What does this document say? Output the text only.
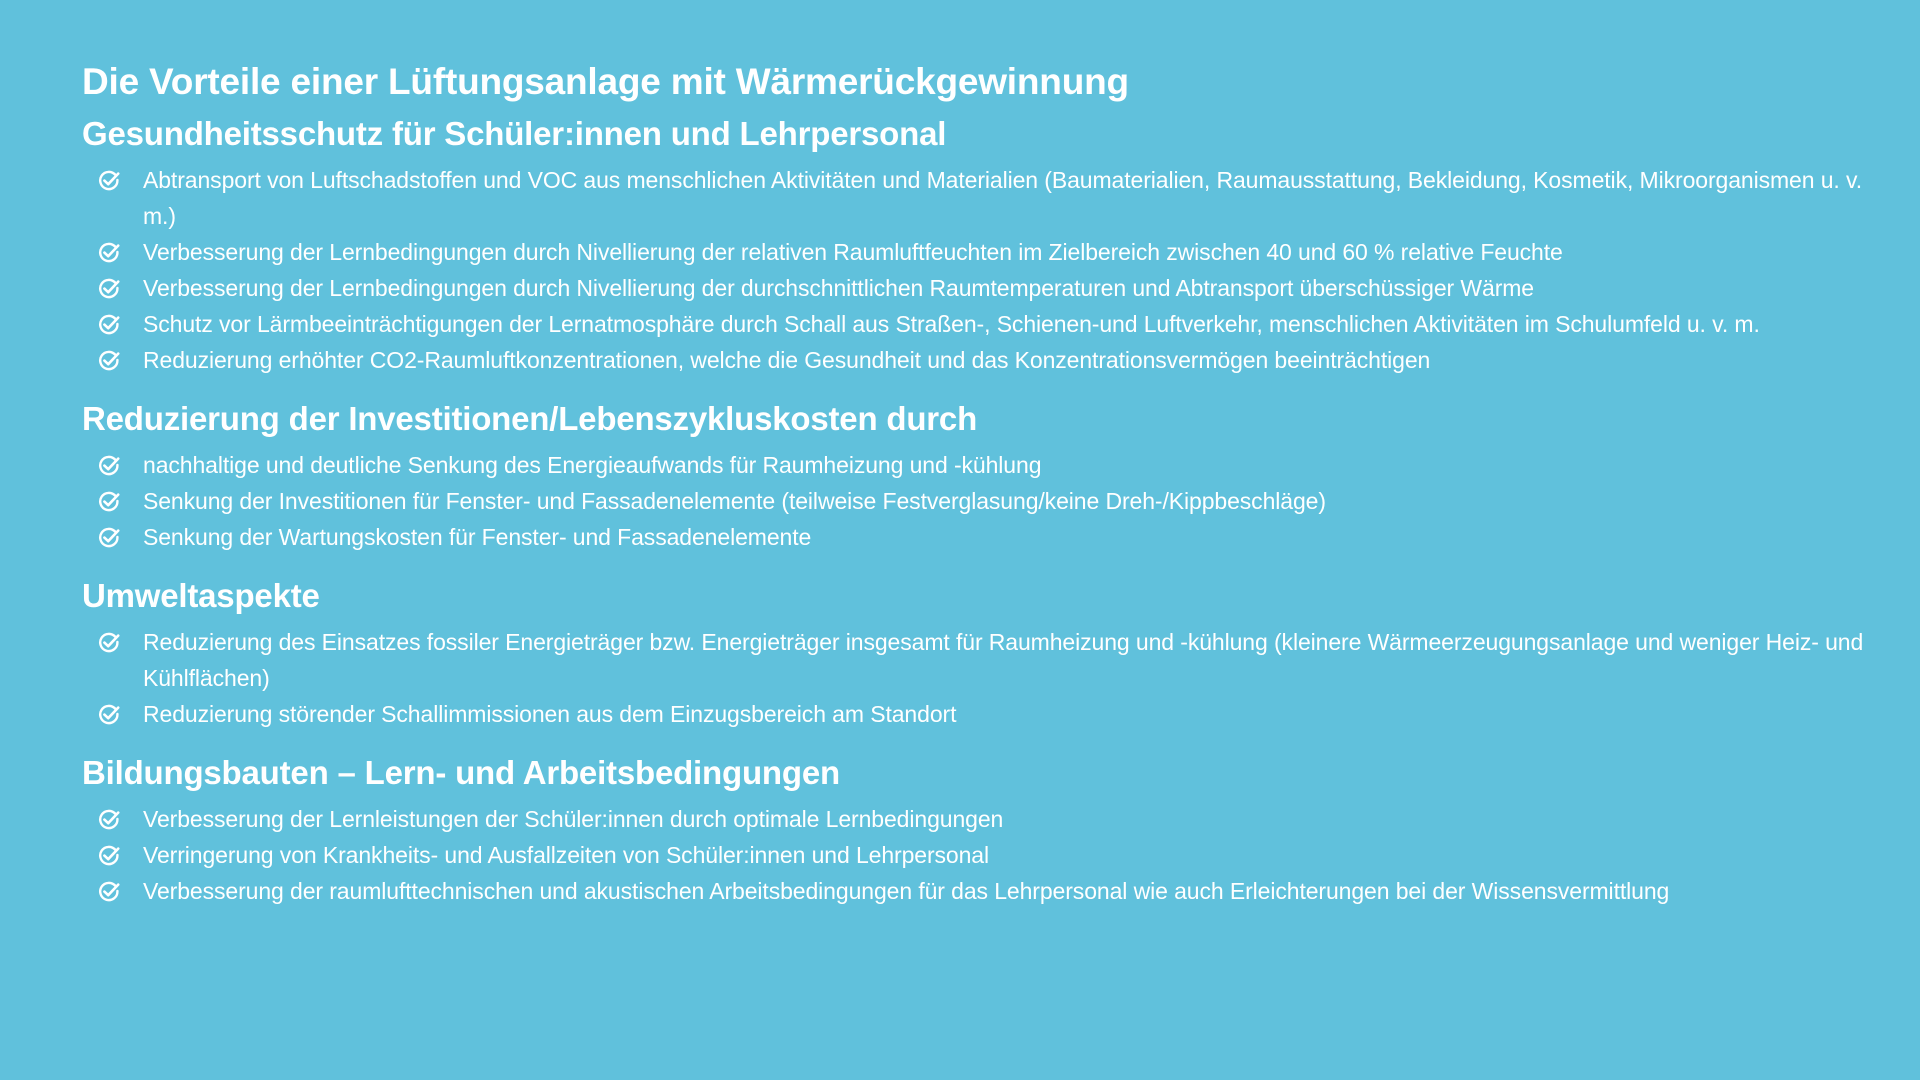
Die Vorteile einer Lüftungsanlage mit Wärmerückgewinnung
Gesundheitsschutz für Schüler:innen und Lehrpersonal
Abtransport von Luftschadstoffen und VOC aus menschlichen Aktivitäten und Materialien (Baumaterialien, Raumausstattung, Bekleidung, Kosmetik, Mikroorganismen u. v. m.)
Verbesserung der Lernbedingungen durch Nivellierung der relativen Raumluftfeuchten im Zielbereich zwischen 40 und 60 % relative Feuchte
Verbesserung der Lernbedingungen durch Nivellierung der durchschnittlichen Raumtemperaturen und Abtransport überschüssiger Wärme
Schutz vor Lärmbeeinträchtigungen der Lernatmosphäre durch Schall aus Straßen-, Schienen-und Luftverkehr, menschlichen Aktivitäten im Schulumfeld u. v. m.
Reduzierung erhöhter CO2-Raumluftkonzentrationen, welche die Gesundheit und das Konzentrationsvermögen beeinträchtigen
Reduzierung der Investitionen/Lebenszykluskosten durch
nachhaltige und deutliche Senkung des Energieaufwands für Raumheizung und -kühlung
Senkung der Investitionen für Fenster- und Fassadenelemente (teilweise Festverglasung/keine Dreh-/Kippbeschläge)
Senkung der Wartungskosten für Fenster- und Fassadenelemente
Umweltaspekte
Reduzierung des Einsatzes fossiler Energieträger bzw. Energieträger insgesamt für Raumheizung und -kühlung (kleinere Wärmeerzeugungsanlage und weniger Heiz- und Kühlflächen)
Reduzierung störender Schallimmissionen aus dem Einzugsbereich am Standort
Bildungsbauten – Lern- und Arbeitsbedingungen
Verbesserung der Lernleistungen der Schüler:innen durch optimale Lernbedingungen
Verringerung von Krankheits- und Ausfallzeiten von Schüler:innen und Lehrpersonal
Verbesserung der raumlufttechnischen und akustischen Arbeitsbedingungen für das Lehrpersonal wie auch Erleichterungen bei der Wissensvermittlung
